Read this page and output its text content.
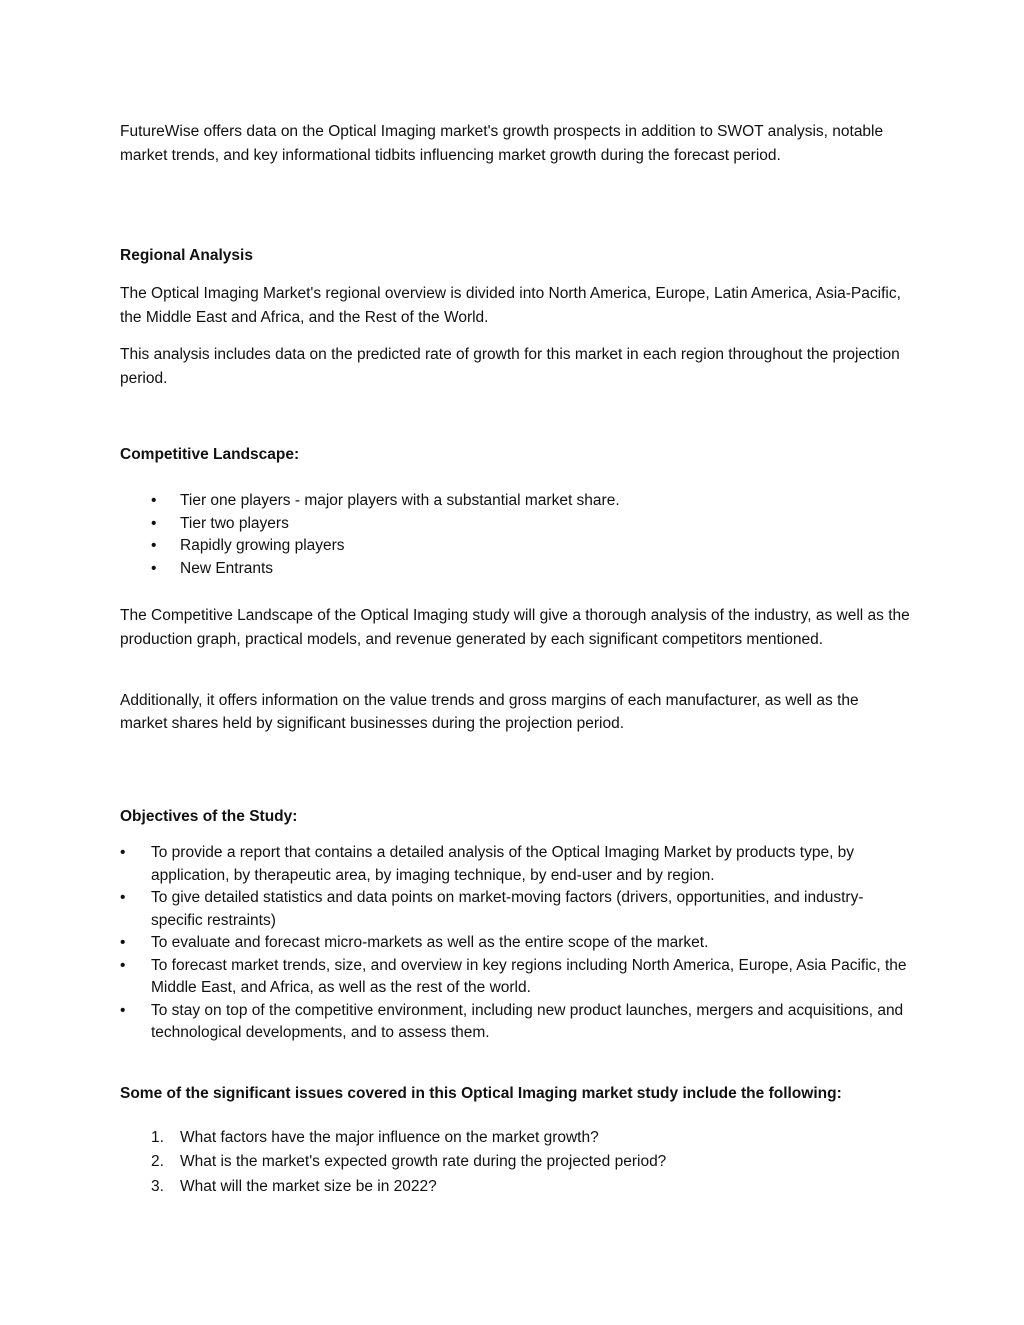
FutureWise offers data on the Optical Imaging market's growth prospects in addition to SWOT analysis, notable market trends, and key informational tidbits influencing market growth during the forecast period.

Regional Analysis

The Optical Imaging Market's regional overview is divided into North America, Europe, Latin America, Asia-Pacific, the Middle East and Africa, and the Rest of the World.

This analysis includes data on the predicted rate of growth for this market in each region throughout the projection period.

Competitive Landscape:

• Tier one players - major players with a substantial market share.
• Tier two players
• Rapidly growing players
• New Entrants

The Competitive Landscape of the Optical Imaging study will give a thorough analysis of the industry, as well as the production graph, practical models, and revenue generated by each significant competitors mentioned.

Additionally, it offers information on the value trends and gross margins of each manufacturer, as well as the market shares held by significant businesses during the projection period.

Objectives of the Study:

• To provide a report that contains a detailed analysis of the Optical Imaging Market by products type, by application, by therapeutic area, by imaging technique, by end-user and by region.
• To give detailed statistics and data points on market-moving factors (drivers, opportunities, and industry-specific restraints)
• To evaluate and forecast micro-markets as well as the entire scope of the market.
• To forecast market trends, size, and overview in key regions including North America, Europe, Asia Pacific, the Middle East, and Africa, as well as the rest of the world.
• To stay on top of the competitive environment, including new product launches, mergers and acquisitions, and technological developments, and to assess them.

Some of the significant issues covered in this Optical Imaging market study include the following:

1. What factors have the major influence on the market growth?
2. What is the market's expected growth rate during the projected period?
3. What will the market size be in 2022?
